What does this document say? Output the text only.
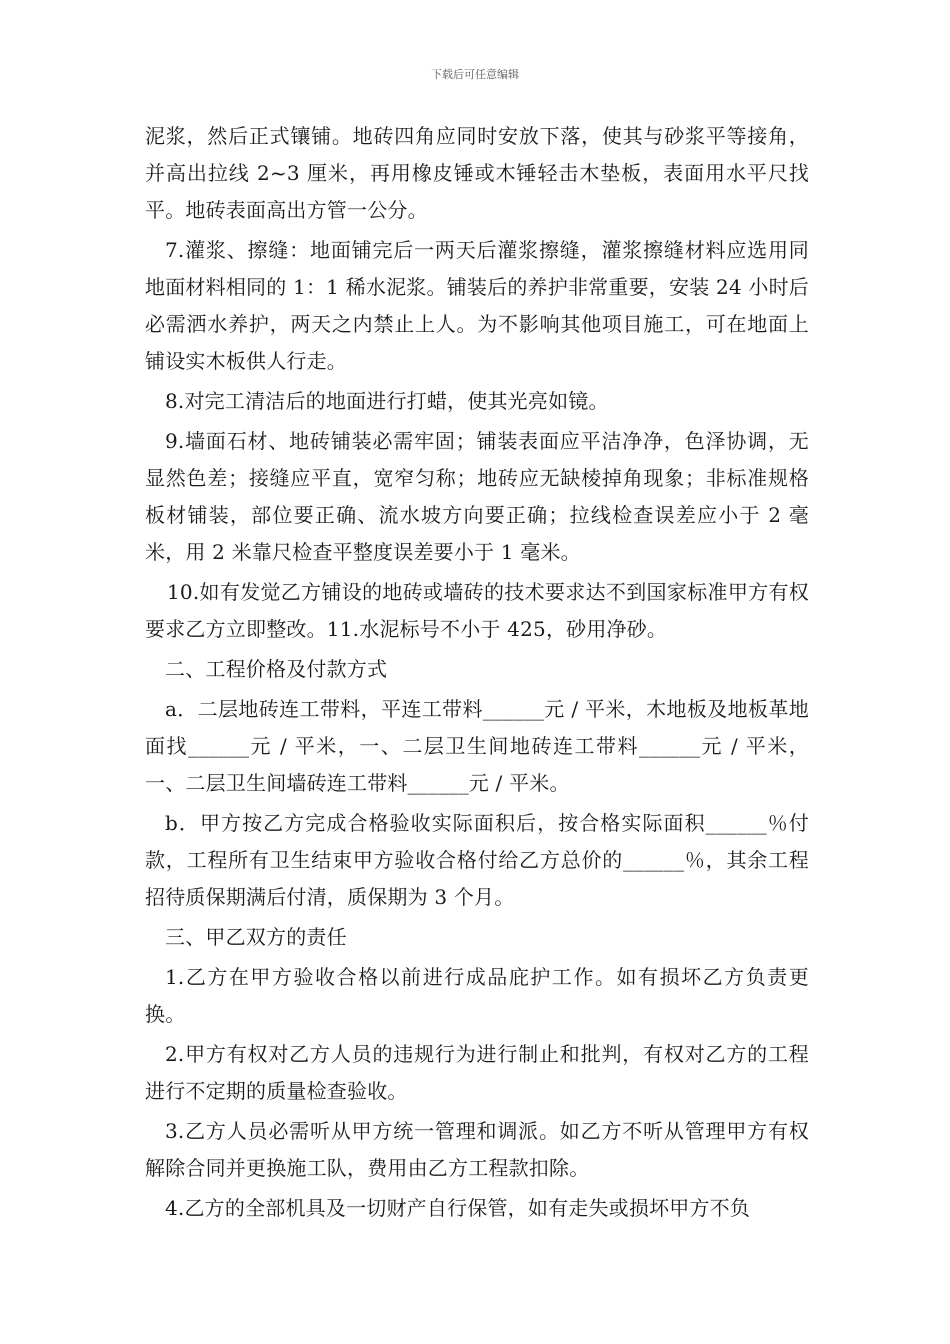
下载后可任意编辑

泥浆，然后正式镶铺。地砖四角应同时安放下落，使其与砂浆平等接角，并高出拉线 2~3 厘米，再用橡皮锤或木锤轻击木垫板，表面用水平尺找平。地砖表面高出方管一公分。

7.灌浆、擦缝：地面铺完后一两天后灌浆擦缝，灌浆擦缝材料应选用同地面材料相同的 1：1 稀水泥浆。铺装后的养护非常重要，安装 24 小时后必需洒水养护，两天之内禁止上人。为不影响其他项目施工，可在地面上铺设实木板供人行走。

8.对完工清洁后的地面进行打蜡，使其光亮如镜。

9.墙面石材、地砖铺装必需牢固；铺装表面应平洁净净，色泽协调，无显然色差；接缝应平直，宽窄匀称；地砖应无缺棱掉角现象；非标准规格板材铺装，部位要正确、流水坡方向要正确；拉线检查误差应小于 2 毫米，用 2 米靠尺检查平整度误差要小于 1 毫米。

10.如有发觉乙方铺设的地砖或墙砖的技术要求达不到国家标准甲方有权要求乙方立即整改。11.水泥标号不小于 425，砂用净砂。

二、工程价格及付款方式

a．二层地砖连工带料，平连工带料______元 / 平米，木地板及地板革地面找______元 / 平米，一、二层卫生间地砖连工带料______元 / 平米，一、二层卫生间墙砖连工带料______元 / 平米。

b．甲方按乙方完成合格验收实际面积后，按合格实际面积______％付款，工程所有卫生结束甲方验收合格付给乙方总价的______％，其余工程招待质保期满后付清，质保期为 3 个月。

三、甲乙双方的责任

1.乙方在甲方验收合格以前进行成品庇护工作。如有损坏乙方负责更换。

2.甲方有权对乙方人员的违规行为进行制止和批判，有权对乙方的工程进行不定期的质量检查验收。

3.乙方人员必需听从甲方统一管理和调派。如乙方不听从管理甲方有权解除合同并更换施工队，费用由乙方工程款扣除。

4.乙方的全部机具及一切财产自行保管，如有走失或损坏甲方不负
